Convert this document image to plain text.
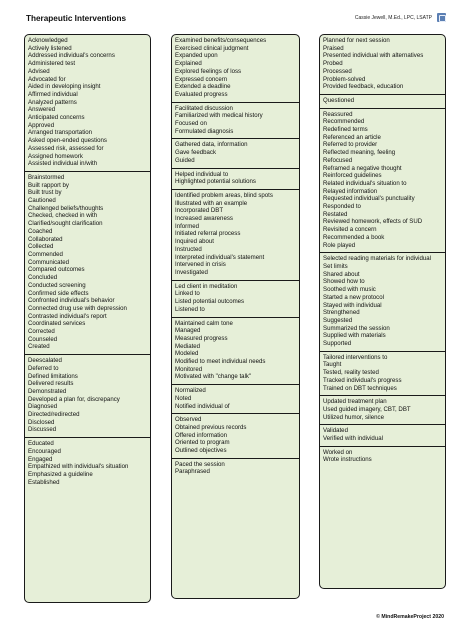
Therapeutic Interventions	Cassie Jewell, M.Ed., LPC, LSATP
Acknowledged
Actively listened
Addressed individual's concerns
Administered test
Advised
Advocated for
Aided in developing insight
Affirmed individual
Analyzed patterns
Answered
Anticipated concerns
Approved
Arranged transportation
Asked open-ended questions
Assessed risk, assessed for
Assigned homework
Assisted individual in/with
Brainstormed
Built rapport by
Built trust by
Cautioned
Challenged beliefs/thoughts
Checked, checked in with
Clarified/sought clarification
Coached
Collaborated
Collected
Commended
Communicated
Compared outcomes
Concluded
Conducted screening
Confirmed side effects
Confronted individual's behavior
Connected drug use with depression
Contrasted individual's report
Coordinated services
Corrected
Counseled
Created
Deescalated
Deferred to
Defined limitations
Delivered results
Demonstrated
Developed a plan for, discrepancy
Diagnosed
Directed/redirected
Disclosed
Discussed
Educated
Encouraged
Engaged
Empathized with individual's situation
Emphasized a guideline
Established
Examined benefits/consequences
Exercised clinical judgment
Expanded upon
Explained
Explored feelings of loss
Expressed concern
Extended a deadline
Evaluated progress
Facilitated discussion
Familiarized with medical history
Focused on
Formulated diagnosis
Gathered data, information
Gave feedback
Guided
Helped individual to
Highlighted potential solutions
Identified problem areas, blind spots
Illustrated with an example
Incorporated DBT
Increased awareness
Informed
Initiated referral process
Inquired about
Instructed
Interpreted individual's statement
Intervened in crisis
Investigated
Led client in meditation
Linked to
Listed potential outcomes
Listened to
Maintained calm tone
Managed
Measured progress
Mediated
Modeled
Modified to meet individual needs
Monitored
Motivated with "change talk"
Normalized
Noted
Notified individual of
Observed
Obtained previous records
Offered information
Oriented to program
Outlined objectives
Paced the session
Paraphrased
Planned for next session
Praised
Presented individual with alternatives
Probed
Processed
Problem-solved
Provided feedback, education
Questioned
Reassured
Recommended
Redefined terms
Referenced an article
Referred to provider
Reflected meaning, feeling
Refocused
Reframed a negative thought
Reinforced guidelines
Related individual's situation to
Relayed information
Requested individual's punctuality
Responded to
Restated
Reviewed homework, effects of SUD
Revisited a concern
Recommended a book
Role played
Selected reading materials for individual
Set limits
Shared about
Showed how to
Soothed with music
Started a new protocol
Stayed with individual
Strengthened
Suggested
Summarized the session
Supplied with materials
Supported
Tailored interventions to
Taught
Tested, reality tested
Tracked individual's progress
Trained on DBT techniques
Updated treatment plan
Used guided imagery, CBT, DBT
Utilized humor, silence
Validated
Verified with individual
Worked on
Wrote instructions
© MindRemakeProject 2020
